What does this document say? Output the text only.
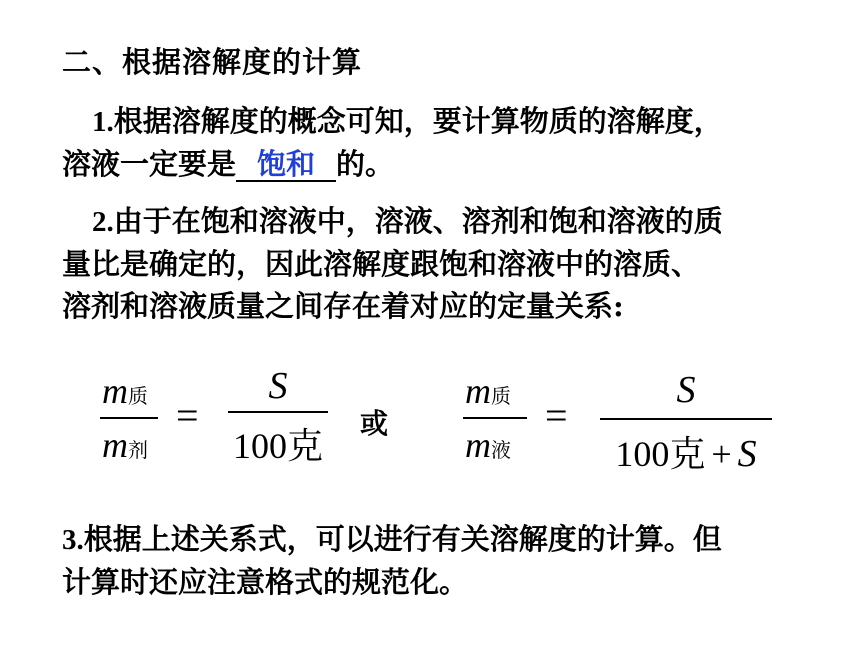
二、根据溶解度的计算
1.根据溶解度的概念可知，要计算物质的溶解度，
溶液一定要是 饱和 的。
2.由于在饱和溶液中，溶液、溶剂和饱和溶液的质
量比是确定的，因此溶解度跟饱和溶液中的溶质、
溶剂和溶液质量之间存在着对应的定量关系:
m质
m剂
=
S
100克
或
m质
m液
=
S
100克 + S
3.根据上述关系式，可以进行有关溶解度的计算。但
计算时还应注意格式的规范化。
